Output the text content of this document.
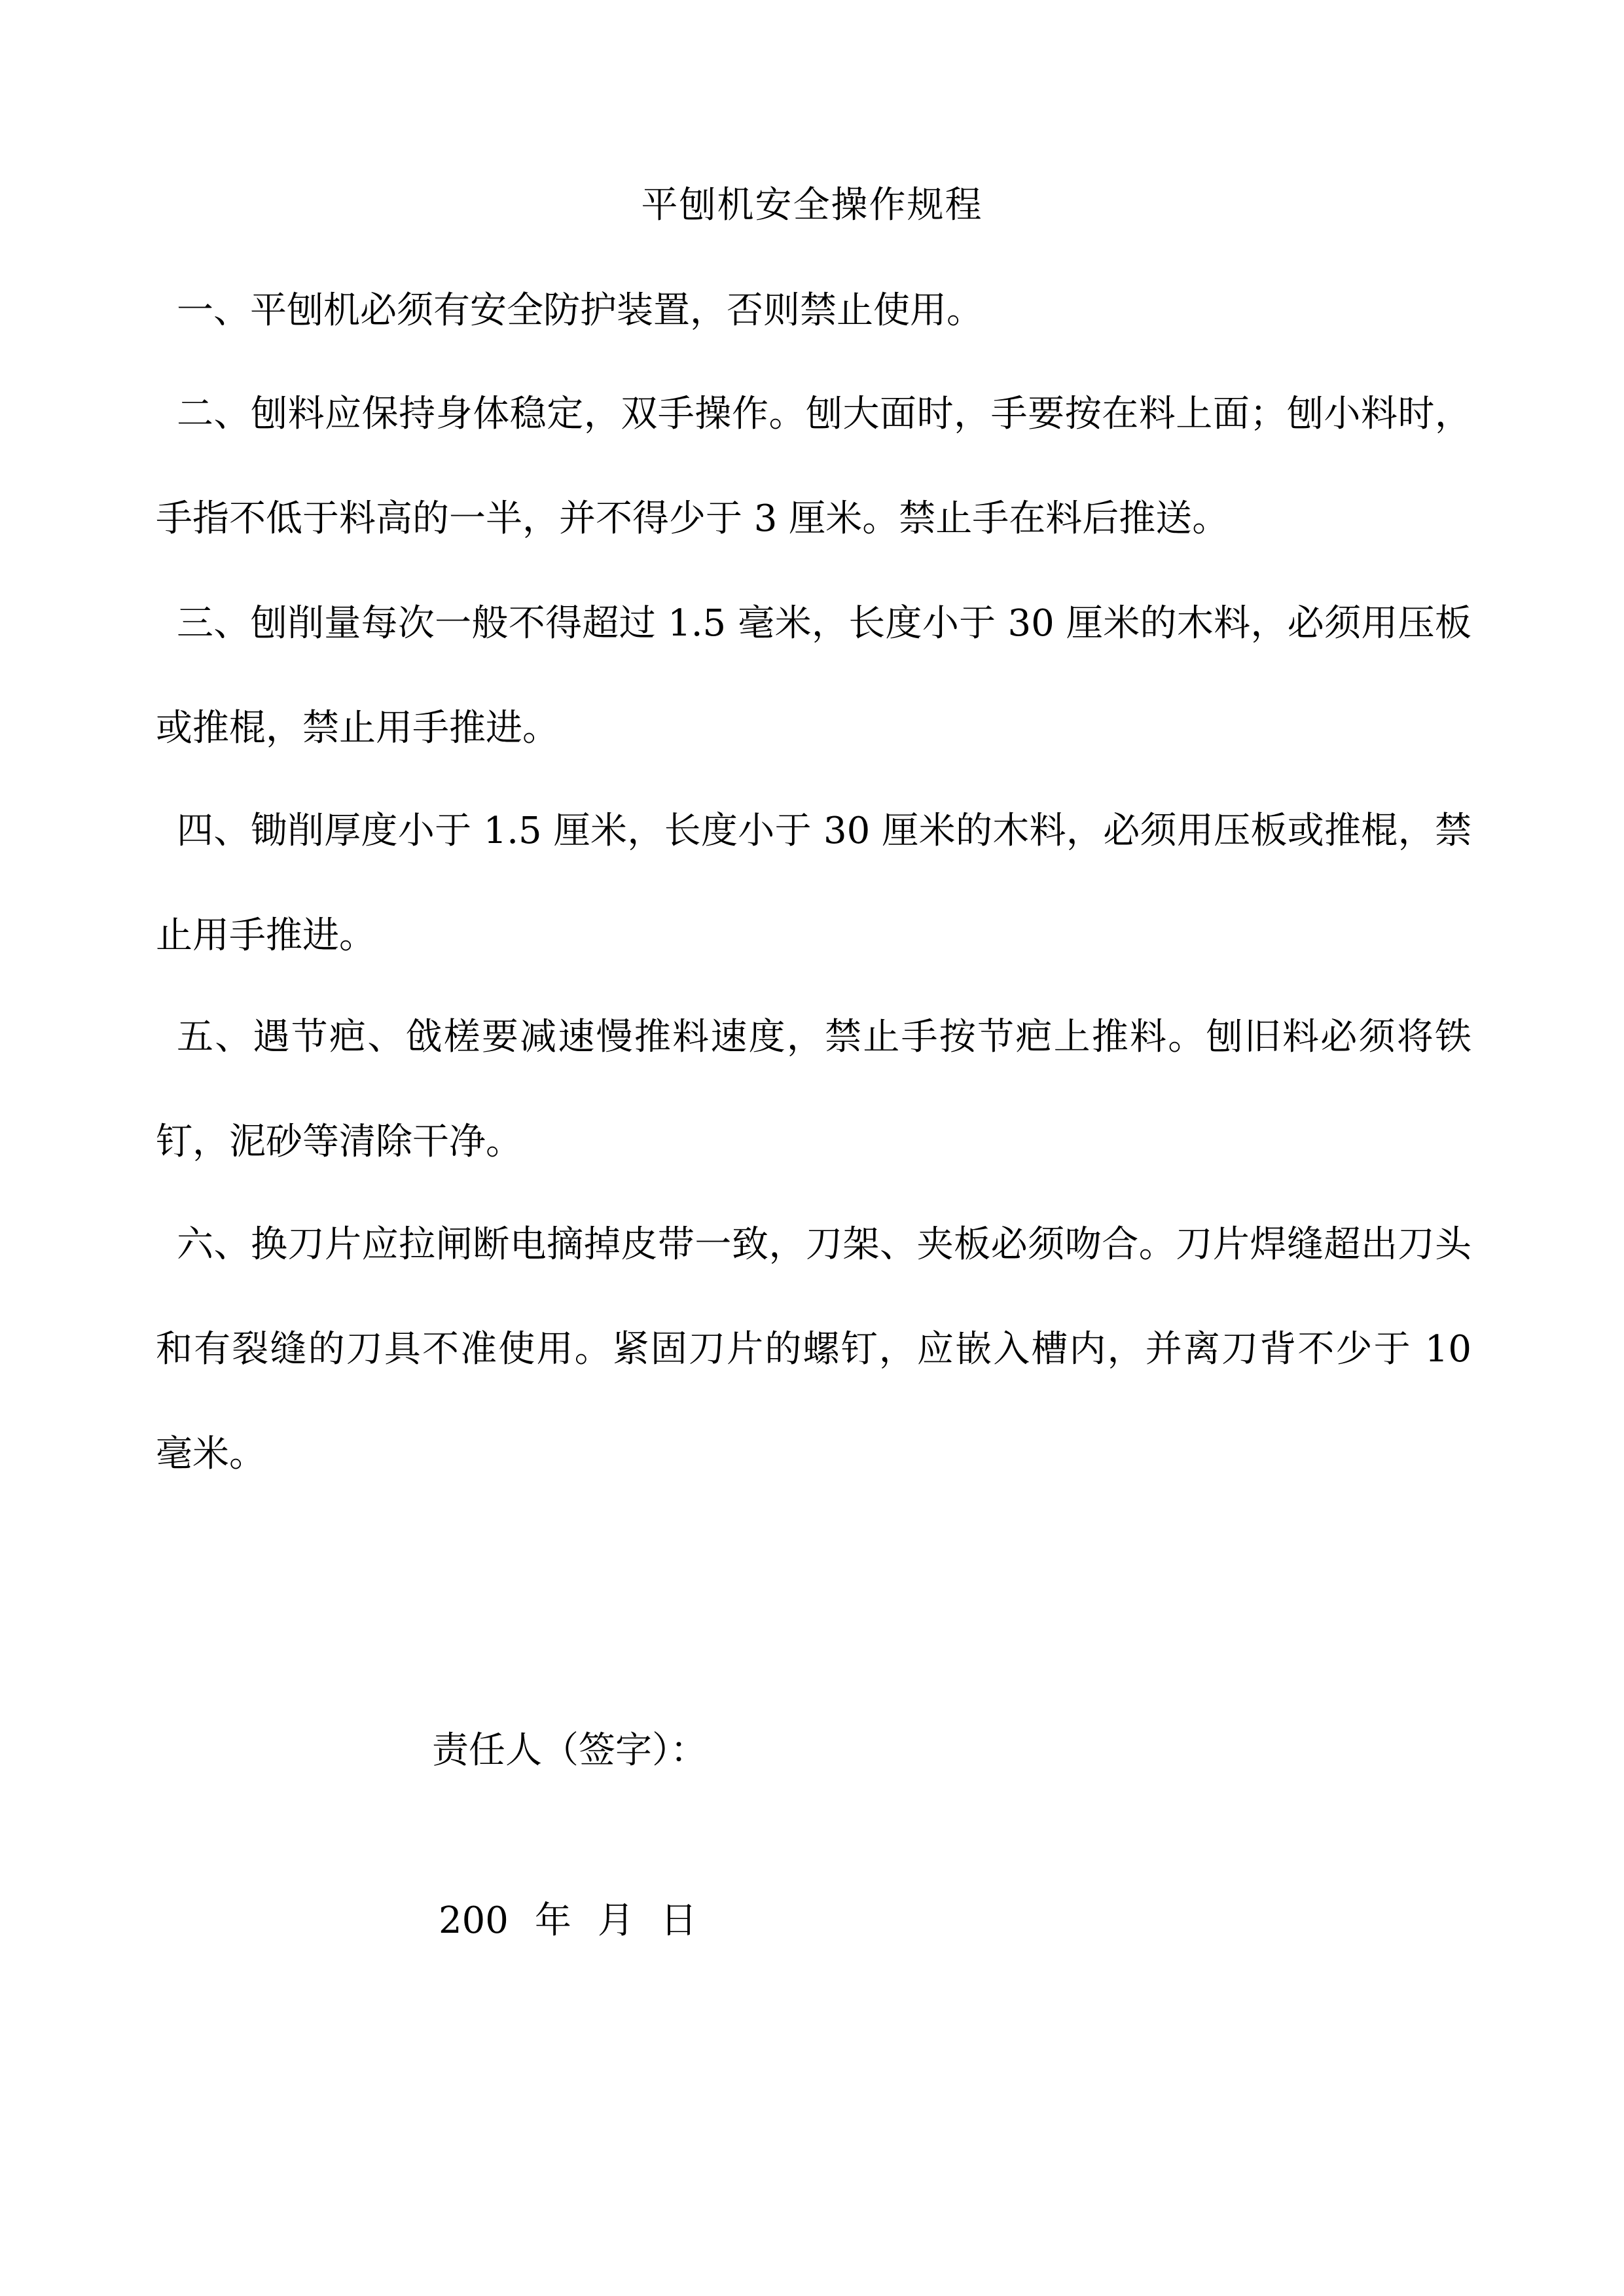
平刨机安全操作规程
一、平刨机必须有安全防护装置，否则禁止使用。
二、刨料应保持身体稳定，双手操作。刨大面时，手要按在料上面；刨小料时，手指不低于料高的一半，并不得少于 3 厘米。禁止手在料后推送。
三、刨削量每次一般不得超过 1.5 毫米，长度小于 30 厘米的木料，必须用压板或推棍，禁止用手推进。
四、锄削厚度小于 1.5 厘米，长度小于 30 厘米的木料，必须用压板或推棍，禁止用手推进。
五、遇节疤、戗槎要减速慢推料速度，禁止手按节疤上推料。刨旧料必须将铁钉，泥砂等清除干净。
六、换刀片应拉闸断电摘掉皮带一致，刀架、夹板必须吻合。刀片焊缝超出刀头和有裂缝的刀具不准使用。紧固刀片的螺钉，应嵌入槽内，并离刀背不少于 10 毫米。
责任人（签字）：
200 年 月 日
